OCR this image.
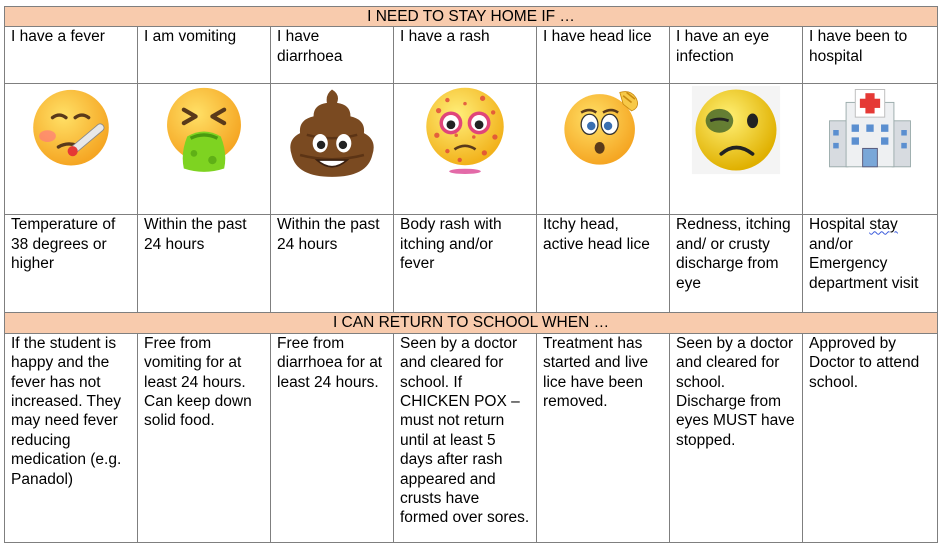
I NEED TO STAY HOME IF …						
I have a fever	I am vomiting	I have diarrhoea	I have a rash	I have head lice	I have an eye infection	I have been to hospital

Temperature of 38 degrees or higher	Within the past 24 hours	Within the past 24 hours	Body rash with itching and/or fever	Itchy head, active head lice	Redness, itching and/ or crusty discharge from eye	Hospital stay and/or Emergency department visit
I CAN RETURN TO SCHOOL WHEN …						
If the student is happy and the fever has not increased. They may need fever reducing medication (e.g. Panadol)	Free from vomiting for at least 24 hours. Can keep down solid food.	Free from diarrhoea for at least 24 hours.	Seen by a doctor and cleared for school. If CHICKEN POX – must not return until at least 5 days after rash appeared and crusts have formed over sores.	Treatment has started and live lice have been removed.	Seen by a doctor and cleared for school. Discharge from eyes MUST have stopped.	Approved by Doctor to attend school.
